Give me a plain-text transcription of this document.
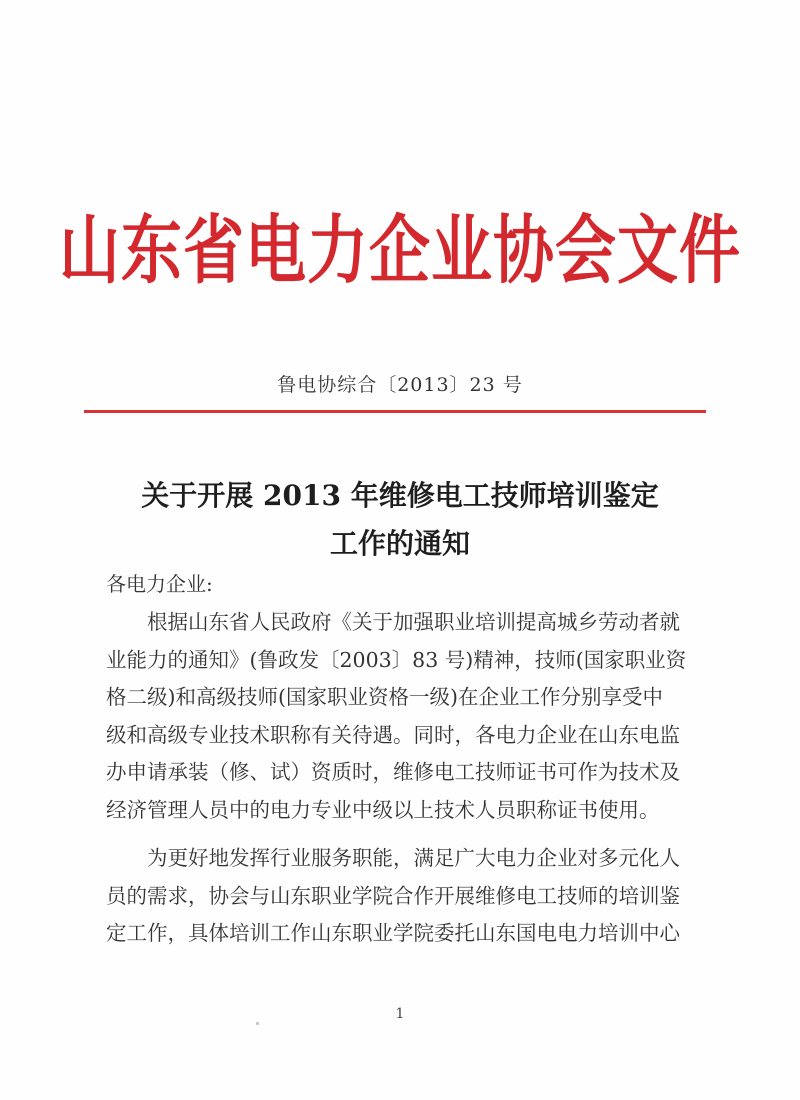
山东省电力企业协会文件
鲁电协综合〔2013〕23 号
关于开展 2013 年维修电工技师培训鉴定
工作的通知
各电力企业:
根据山东省人民政府《关于加强职业培训提高城乡劳动者就
业能力的通知》(鲁政发〔2003〕83 号)精神，技师(国家职业资
格二级)和高级技师(国家职业资格一级)在企业工作分别享受中
级和高级专业技术职称有关待遇。同时，各电力企业在山东电监
办申请承装（修、试）资质时，维修电工技师证书可作为技术及
经济管理人员中的电力专业中级以上技术人员职称证书使用。
为更好地发挥行业服务职能，满足广大电力企业对多元化人
员的需求，协会与山东职业学院合作开展维修电工技师的培训鉴
定工作，具体培训工作山东职业学院委托山东国电电力培训中心
1
